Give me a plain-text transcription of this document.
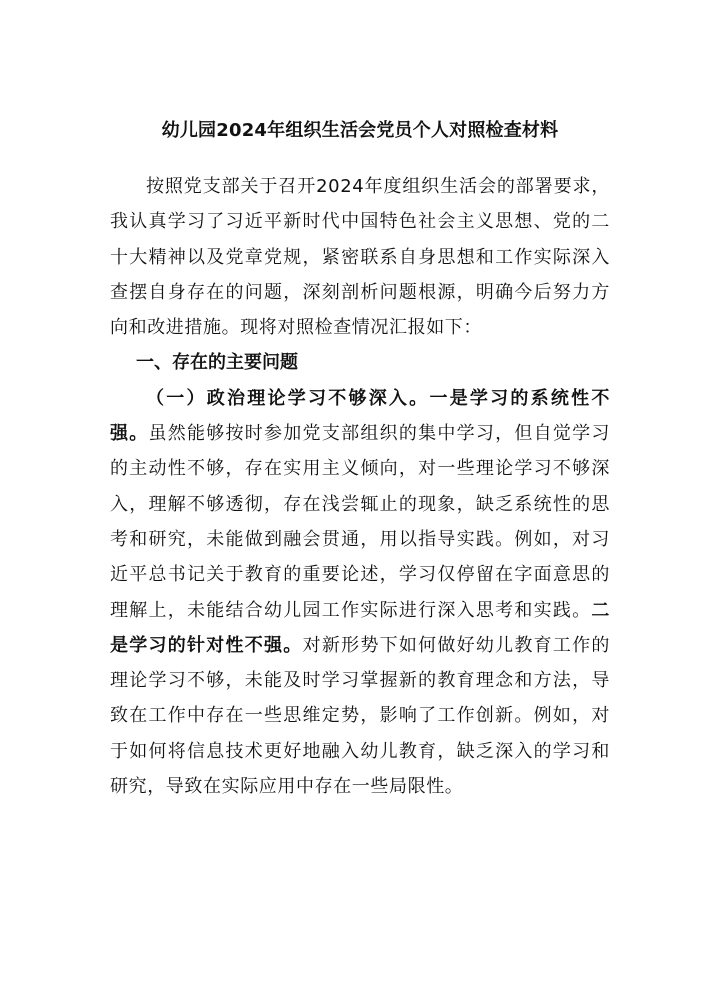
幼儿园2024年组织生活会党员个人对照检查材料

按照党支部关于召开2024年度组织生活会的部署要求，我认真学习了习近平新时代中国特色社会主义思想、党的二十大精神以及党章党规，紧密联系自身思想和工作实际深入查摆自身存在的问题，深刻剖析问题根源，明确今后努力方向和改进措施。现将对照检查情况汇报如下：

一、存在的主要问题

（一）政治理论学习不够深入。一是学习的系统性不强。虽然能够按时参加党支部组织的集中学习，但自觉学习的主动性不够，存在实用主义倾向，对一些理论学习不够深入，理解不够透彻，存在浅尝辄止的现象，缺乏系统性的思考和研究，未能做到融会贯通，用以指导实践。例如，对习近平总书记关于教育的重要论述，学习仅停留在字面意思的理解上，未能结合幼儿园工作实际进行深入思考和实践。二是学习的针对性不强。对新形势下如何做好幼儿教育工作的理论学习不够，未能及时学习掌握新的教育理念和方法，导致在工作中存在一些思维定势，影响了工作创新。例如，对于如何将信息技术更好地融入幼儿教育，缺乏深入的学习和研究，导致在实际应用中存在一些局限性。
